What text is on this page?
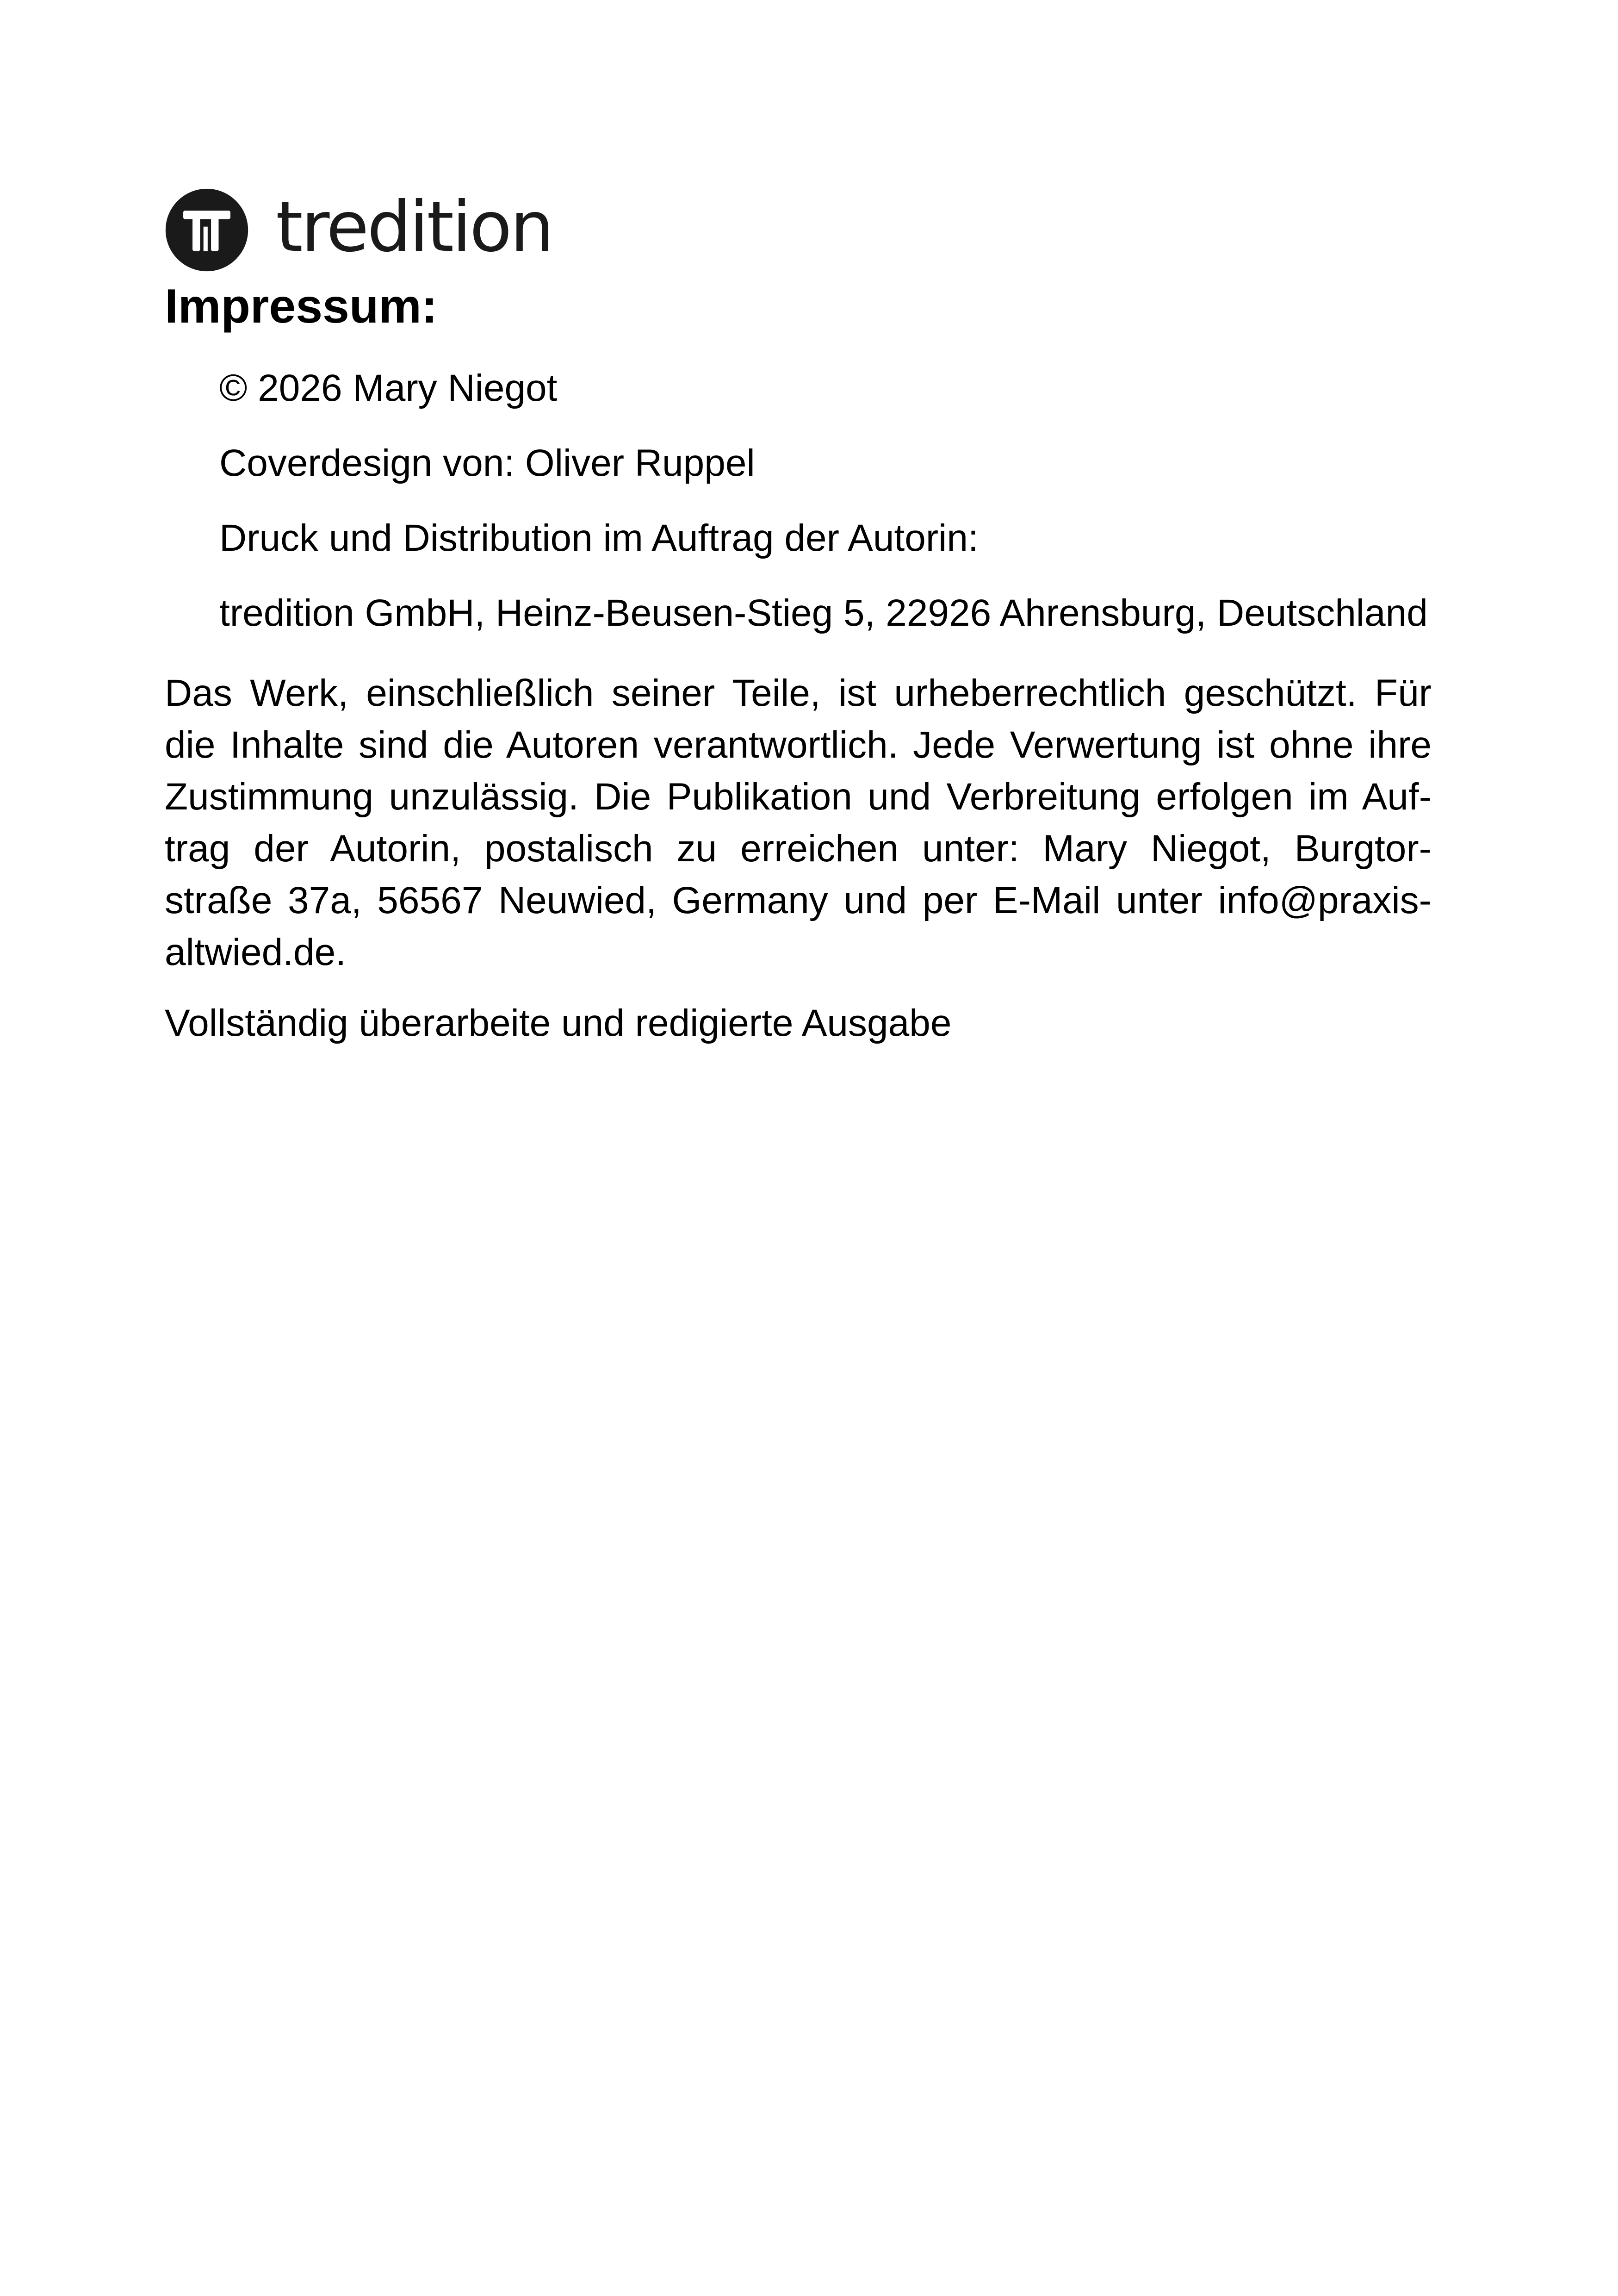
tredition
Impressum:

© 2026 Mary Niegot

Coverdesign von: Oliver Ruppel

Druck und Distribution im Auftrag der Autorin:

tredition GmbH, Heinz-Beusen-Stieg 5, 22926 Ahrensburg, Deutschland

Das Werk, einschließlich seiner Teile, ist urheberrechtlich geschützt. Für
die Inhalte sind die Autoren verantwortlich. Jede Verwertung ist ohne ihre
Zustimmung unzulässig. Die Publikation und Verbreitung erfolgen im Auf-
trag der Autorin, postalisch zu erreichen unter: Mary Niegot, Burgtor-
straße 37a, 56567 Neuwied, Germany und per E-Mail unter info@praxis-
altwied.de.

Vollständig überarbeite und redigierte Ausgabe
